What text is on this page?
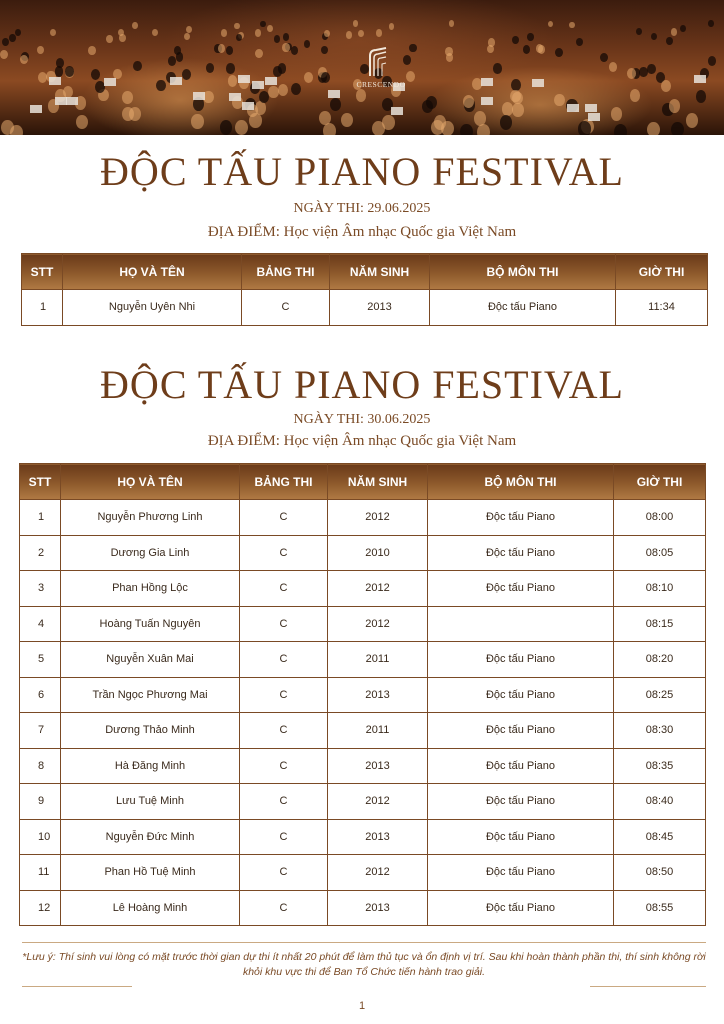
CRESCENDO
ĐỘC TẤU PIANO FESTIVAL
NGÀY THI: 29.06.2025
ĐỊA ĐIỂM: Học viện Âm nhạc Quốc gia Việt Nam
STT	HỌ VÀ TÊN	BẢNG THI	NĂM SINH	BỘ MÔN THI	GIỜ THI
1	Nguyễn Uyên Nhi	C	2013	Độc tấu Piano	11:34
ĐỘC TẤU PIANO FESTIVAL
NGÀY THI: 30.06.2025
ĐỊA ĐIỂM: Học viện Âm nhạc Quốc gia Việt Nam
STT	HỌ VÀ TÊN	BẢNG THI	NĂM SINH	BỘ MÔN THI	GIỜ THI
1	Nguyễn Phương Linh	C	2012	Độc tấu Piano	08:00
2	Dương Gia Linh	C	2010	Độc tấu Piano	08:05
3	Phan Hồng Lộc	C	2012	Độc tấu Piano	08:10
4	Hoàng Tuấn Nguyên	C	2012		08:15
5	Nguyễn Xuân Mai	C	2011	Độc tấu Piano	08:20
6	Trần Ngọc Phương Mai	C	2013	Độc tấu Piano	08:25
7	Dương Thảo Minh	C	2011	Độc tấu Piano	08:30
8	Hà Đăng Minh	C	2013	Độc tấu Piano	08:35
9	Lưu Tuệ Minh	C	2012	Độc tấu Piano	08:40
10	Nguyễn Đức Minh	C	2013	Độc tấu Piano	08:45
11	Phan Hồ Tuệ Minh	C	2012	Độc tấu Piano	08:50
12	Lê Hoàng Minh	C	2013	Độc tấu Piano	08:55
*Lưu ý: Thí sinh vui lòng có mặt trước thời gian dự thi ít nhất 20 phút để làm thủ tục và ổn định vị trí. Sau khi hoàn thành phần thi, thí sinh không rời khỏi khu vực thi để Ban Tổ Chức tiến hành trao giải.
1
